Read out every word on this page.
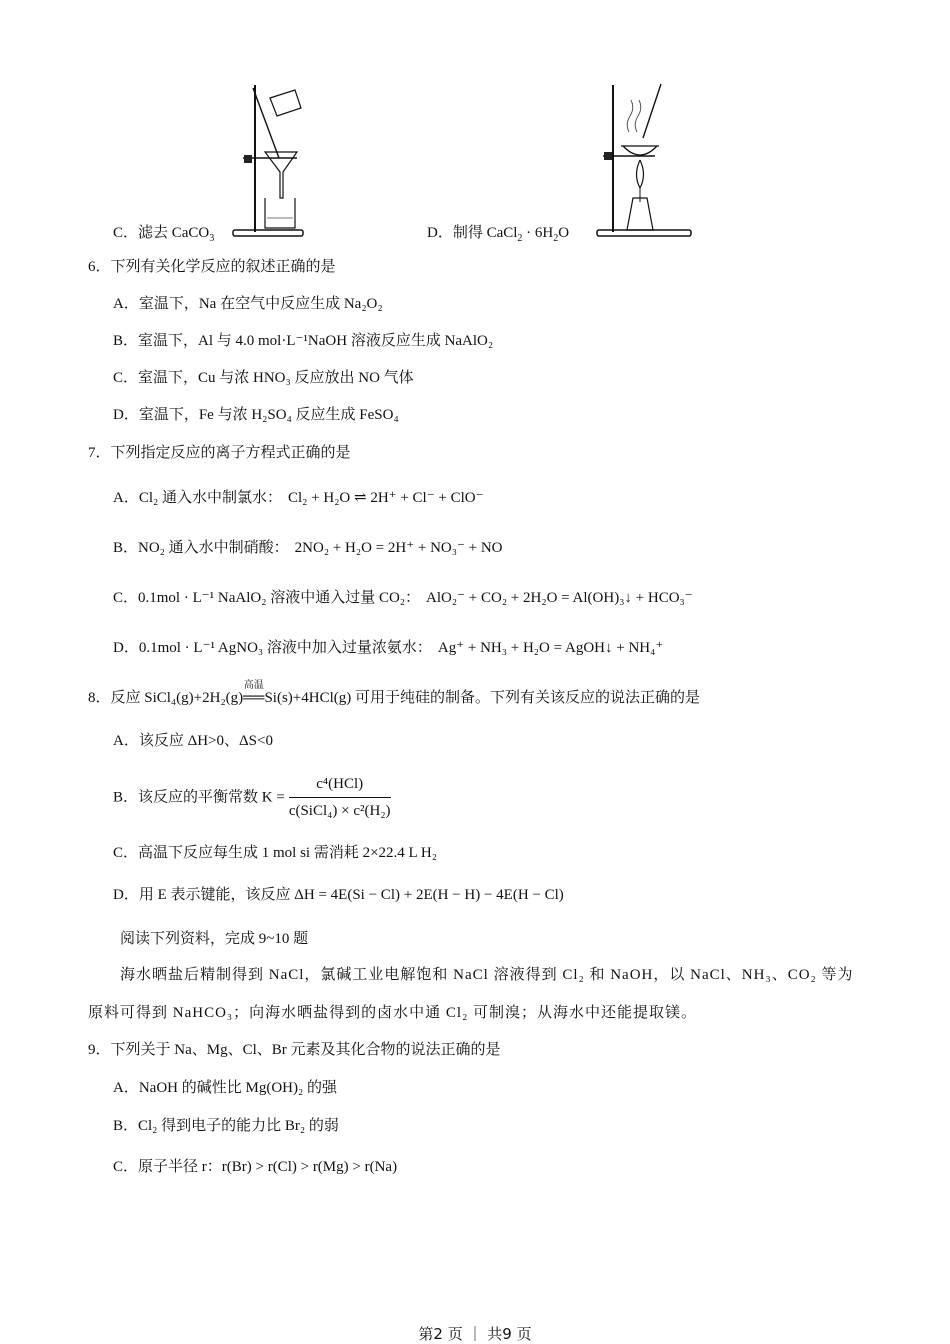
C．滤去 CaCO$_3$	D．制得 CaCl$_2$ · $6H_2O$
6．下列有关化学反应的叙述正确的是
A．室温下，Na 在空气中反应生成 Na₂O₂
B．室温下，Al 与 4.0 mol·L⁻¹NaOH 溶液反应生成 NaAlO₂
C．室温下，Cu 与浓 HNO₃ 反应放出 NO 气体
D．室温下，Fe 与浓 H₂SO₄ 反应生成 FeSO₄
7．下列指定反应的离子方程式正确的是
A．Cl₂ 通入水中制氯水： Cl₂ + H₂O ⇌ 2H⁺ + Cl⁻ + ClO⁻
B．NO₂ 通入水中制硝酸： 2NO₂ + H₂O = 2H⁺ + NO₃⁻ + NO
C．0.1mol · L⁻¹ NaAlO₂ 溶液中通入过量 CO₂： AlO₂⁻ + CO₂ + 2H₂O = Al(OH)₃↓ + HCO₃⁻
D．0.1mol · L⁻¹ AgNO₃ 溶液中加入过量浓氨水： Ag⁺ + NH₃ + H₂O = AgOH↓ + NH₄⁺
8．反应 SiCl₄(g)+2H₂(g)
高温
══Si(s)+4HCl(g) 可用于纯硅的制备。下列有关该反应的说法正确的是
A．该反应 ΔH>0、ΔS<0
B．该反应的平衡常数 $K = \frac{\text{c⁴(HCl)}}{\text{c(SiCl₄) × c²(H₂)}}$
C．高温下反应每生成 1 mol si 需消耗 2×22.4 L H₂
D．用 E 表示键能，该反应 ΔH = 4E(Si − Cl) + 2E(H − H) − 4E(H − Cl)
阅读下列资料，完成 9~10 题
海水晒盐后精制得到 NaCl，氯碱工业电解饱和 NaCl 溶液得到 Cl₂ 和 NaOH，以 NaCl、NH₃、CO₂ 等为原料可得到 NaHCO₃；向海水晒盐得到的卤水中通 Cl₂ 可制溴；从海水中还能提取镁。
9．下列关于 Na、Mg、Cl、Br 元素及其化合物的说法正确的是
A．NaOH 的碱性比 Mg(OH)₂ 的强
B．Cl₂ 得到电子的能力比 Br₂ 的弱
C．原子半径 r：r(Br) > r(Cl) > r(Mg) > r(Na)
第2 页 ｜ 共9 页
